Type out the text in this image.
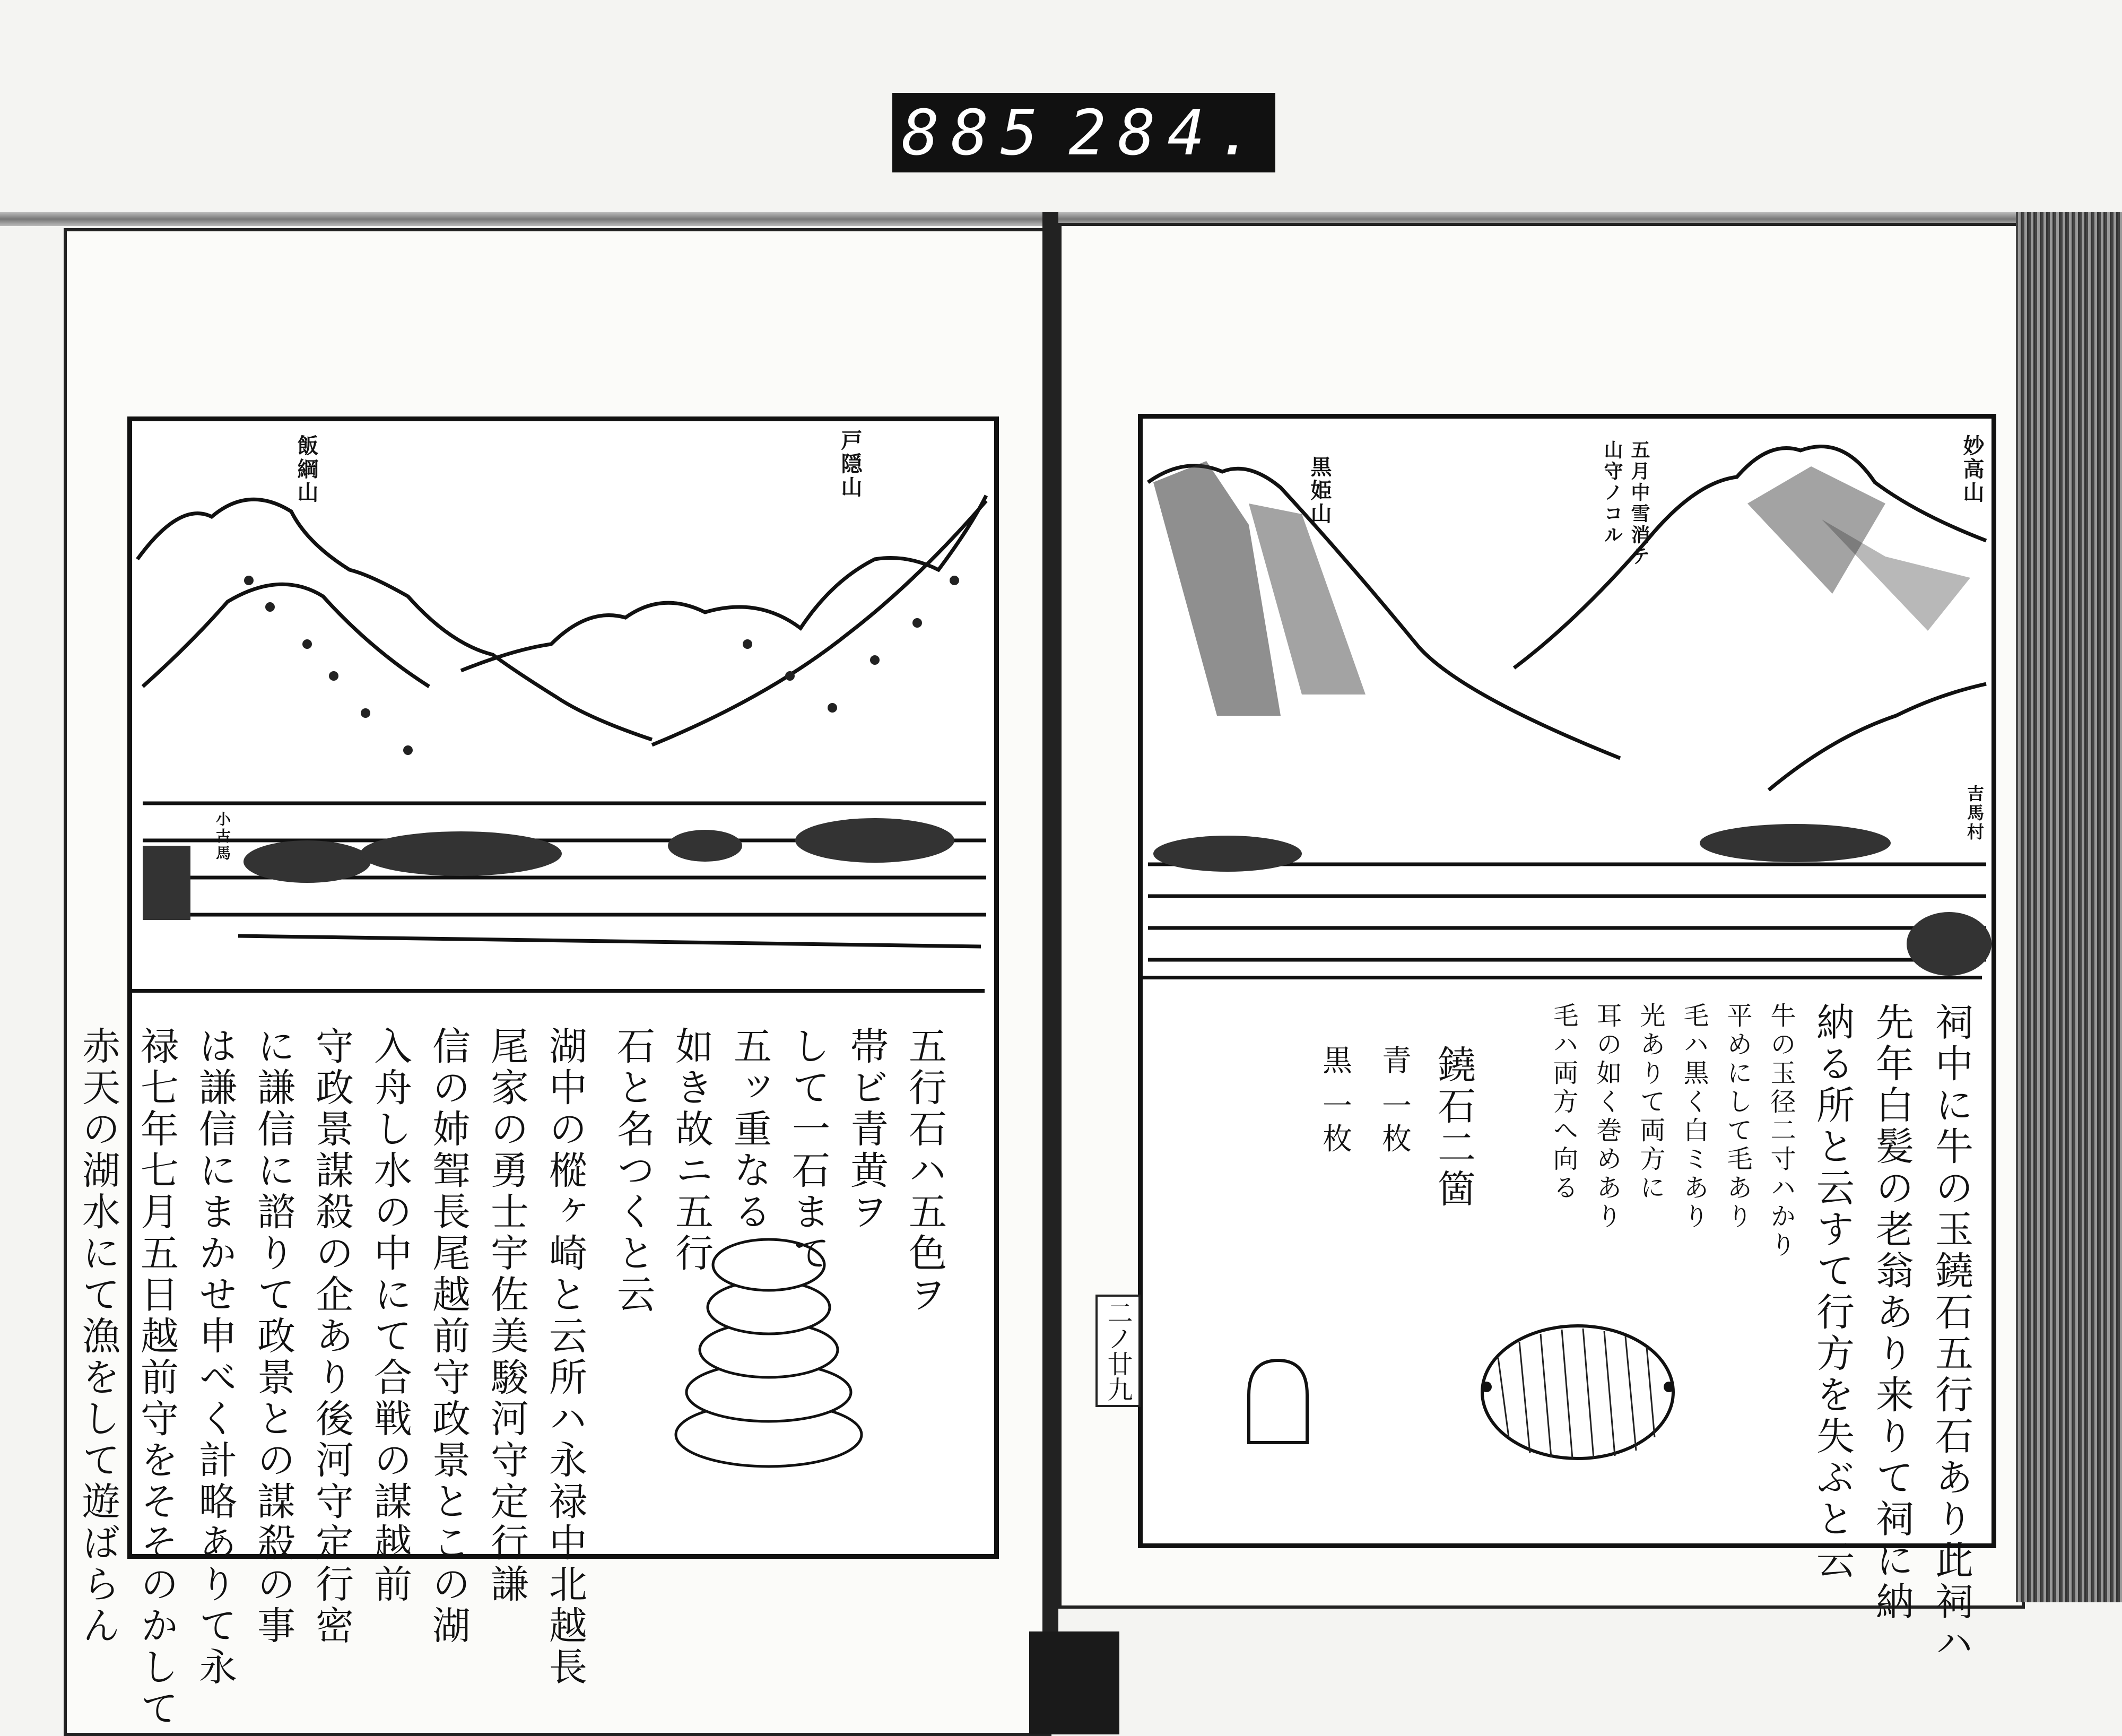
885 284.
飯綱山	戸隠山
小古馬
五行石ハ五色ヲ
帯ビ青黄ヲ
して一石まて
五ッ重なる
如き故ニ五行
石と名つくと云
湖中の樅ヶ崎と云所ハ永禄中北越長
尾家の勇士宇佐美駿河守定行謙
信の姉聟長尾越前守政景とこの湖
入舟し水の中にて合戦の謀越前
守政景謀殺の企あり後河守定行密
に謙信に諮りて政景との謀殺の事
は謙信にまかせ申べく計略ありて永
禄七年七月五日越前守をそそのかして
赤天の湖水にて漁をして遊ばらん
妙高山
黒姫山	五月中雪消テ山守ノコル
吉馬村
祠中に牛の玉鐃石五行石あり此祠ハ
先年白髪の老翁あり来りて祠に納
納る所と云すて行方を失ぶと云
牛の玉径二寸ハかり
平めにして毛あり
毛ハ黒く白ミあり
光ありて両方に
耳の如く巻めあり
毛ハ両方へ向る
鐃石二箇
青 一枚
黒 一枚
二ノ廿九
